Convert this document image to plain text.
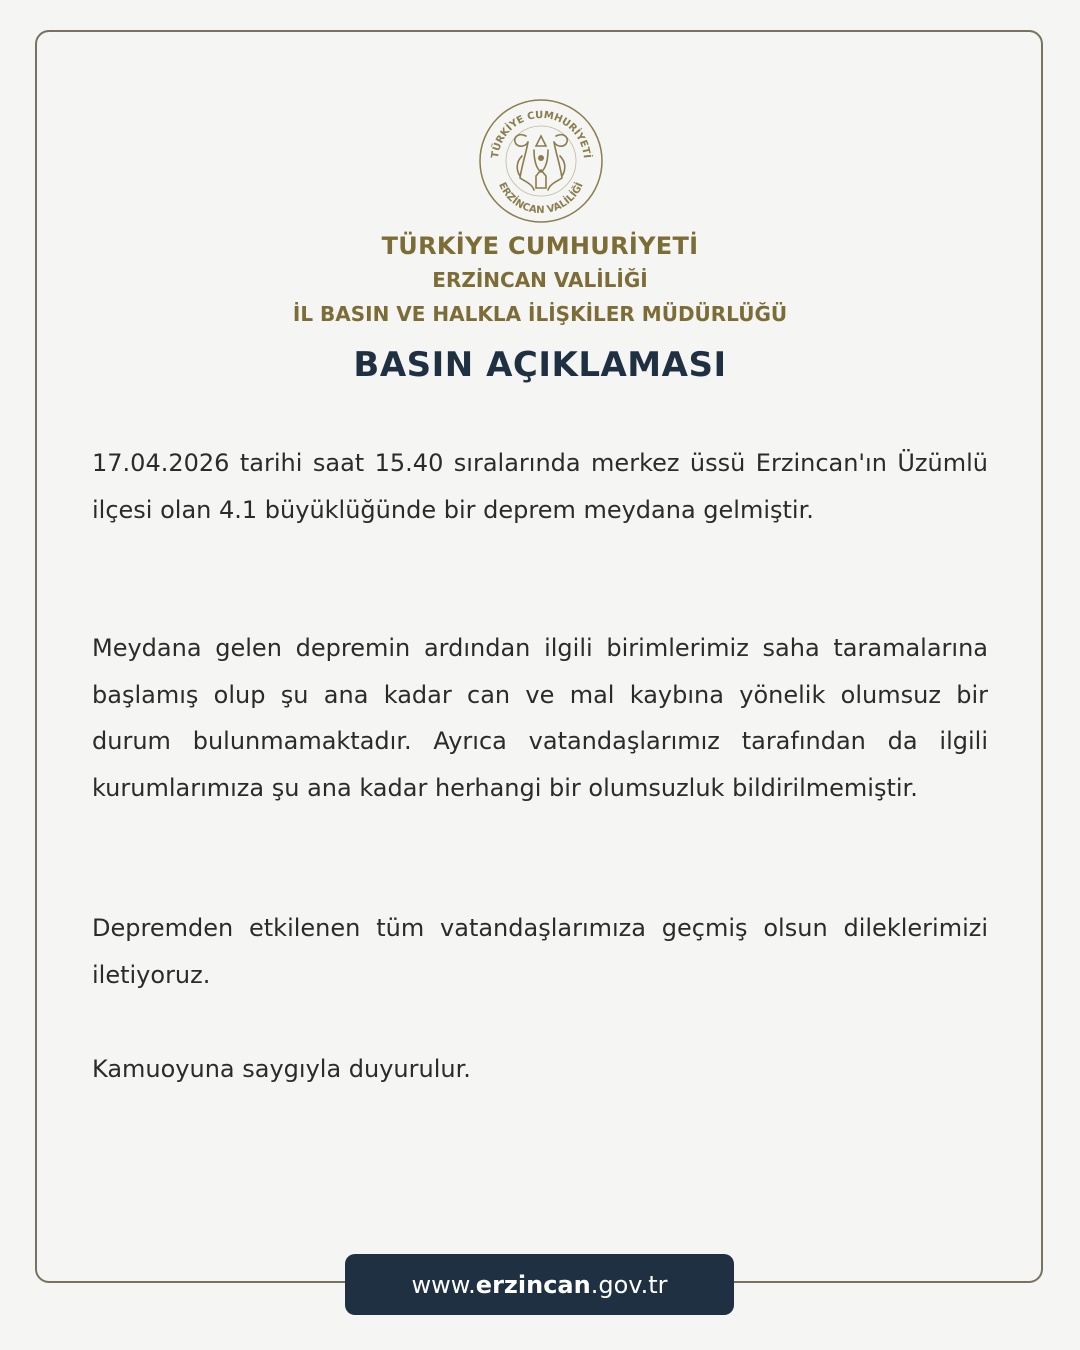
TÜRKİYE CUMHURİYETİ
ERZİNCAN VALİLİĞİ
TÜRKİYE CUMHURİYETİ
ERZİNCAN VALİLİĞİ
İL BASIN VE HALKLA İLİŞKİLER MÜDÜRLÜĞÜ
BASIN AÇIKLAMASI

17.04.2026 tarihi saat 15.40 sıralarında merkez üssü Erzincan'ın Üzümlü ilçesi olan 4.1 büyüklüğünde bir deprem meydana gelmiştir.

Meydana gelen depremin ardından ilgili birimlerimiz saha taramalarına başlamış olup şu ana kadar can ve mal kaybına yönelik olumsuz bir durum bulunmamaktadır. Ayrıca vatandaşlarımız tarafından da ilgili kurumlarımıza şu ana kadar herhangi bir olumsuzluk bildirilmemiştir.

Depremden etkilenen tüm vatandaşlarımıza geçmiş olsun dileklerimizi iletiyoruz.

Kamuoyuna saygıyla duyurulur.

www. erzincan .gov.tr
